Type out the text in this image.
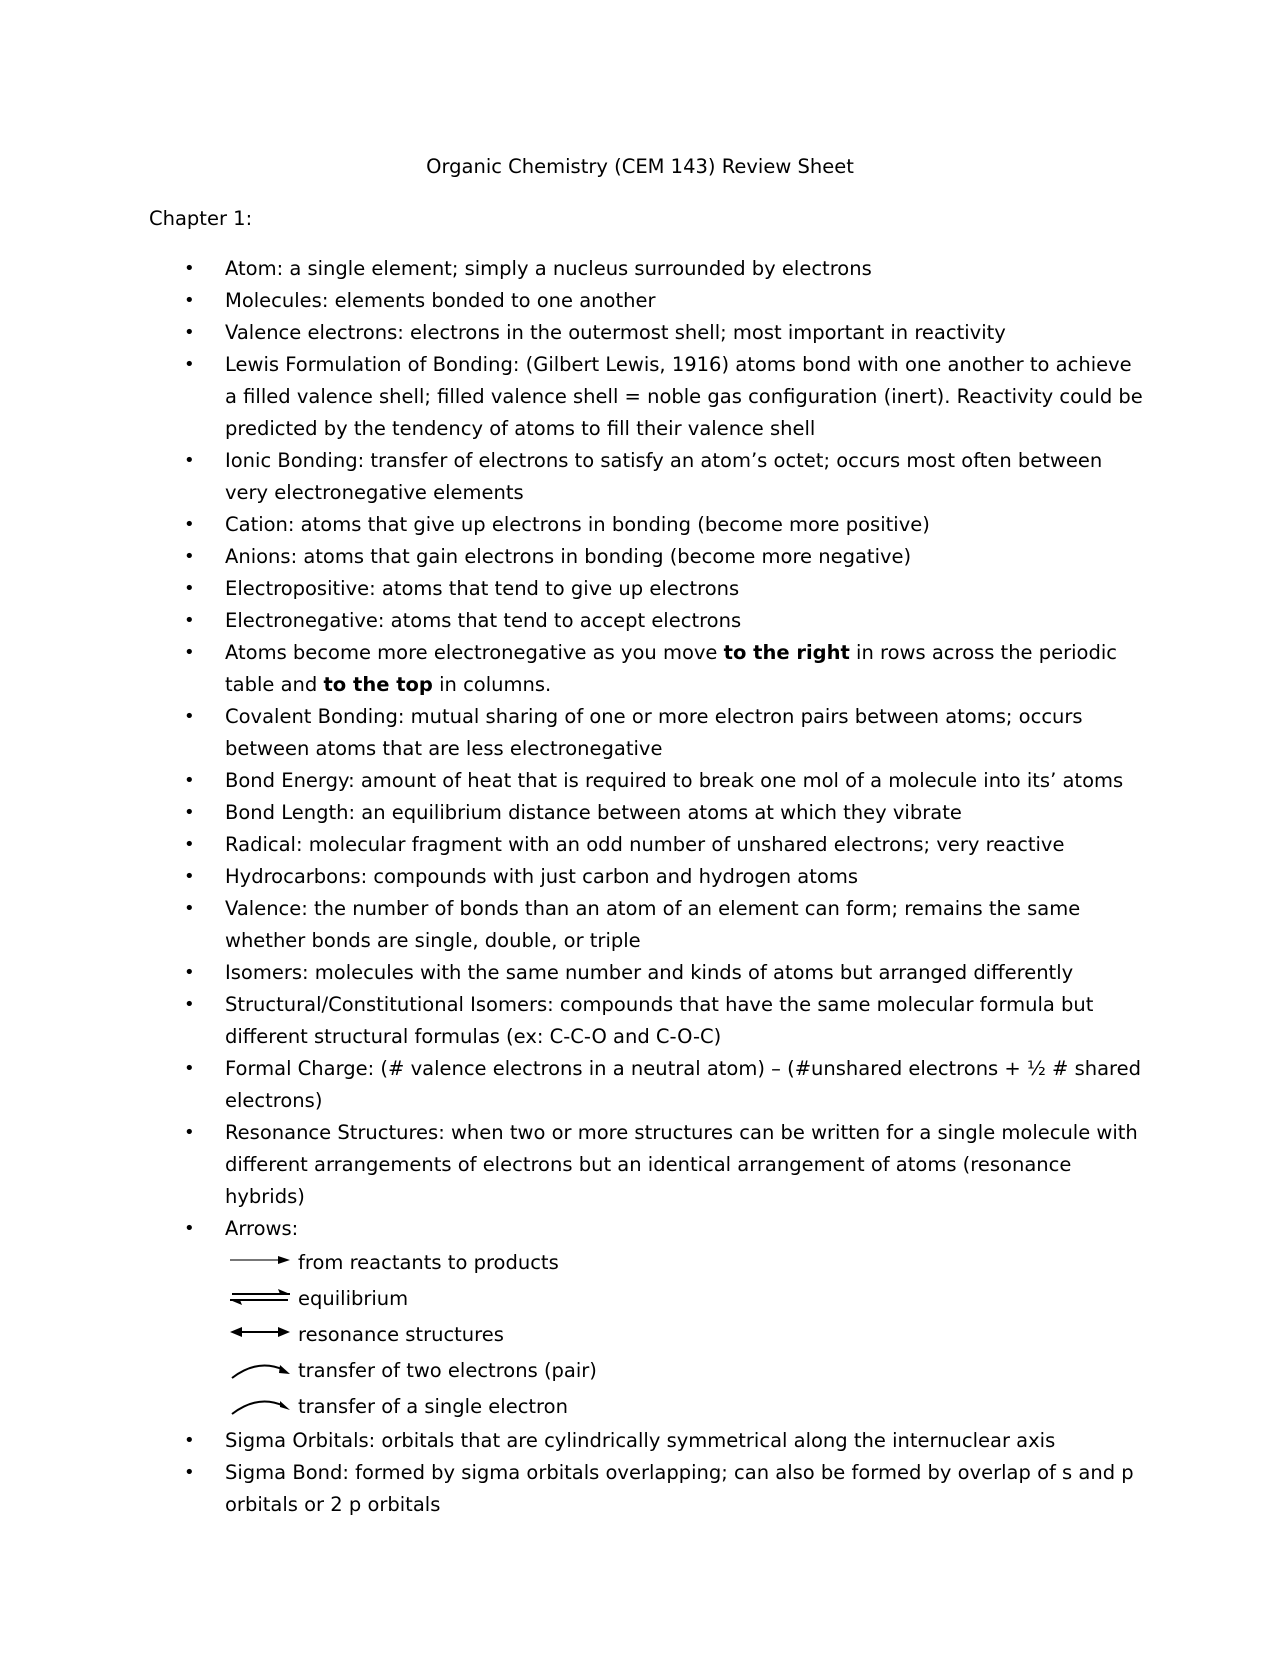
Organic Chemistry (CEM 143) Review Sheet
Chapter 1:
•	Atom: a single element; simply a nucleus surrounded by electrons
•	Molecules: elements bonded to one another
•	Valence electrons: electrons in the outermost shell; most important in reactivity
•	Lewis Formulation of Bonding: (Gilbert Lewis, 1916) atoms bond with one another to achieve a filled valence shell; filled valence shell = noble gas configuration (inert). Reactivity could be predicted by the tendency of atoms to fill their valence shell
•	Ionic Bonding: transfer of electrons to satisfy an atom’s octet; occurs most often between very electronegative elements
•	Cation: atoms that give up electrons in bonding (become more positive)
•	Anions: atoms that gain electrons in bonding (become more negative)
•	Electropositive: atoms that tend to give up electrons
•	Electronegative: atoms that tend to accept electrons
•	Atoms become more electronegative as you move to the right in rows across the periodic table and to the top in columns.
•	Covalent Bonding: mutual sharing of one or more electron pairs between atoms; occurs between atoms that are less electronegative
•	Bond Energy: amount of heat that is required to break one mol of a molecule into its’ atoms
•	Bond Length: an equilibrium distance between atoms at which they vibrate
•	Radical: molecular fragment with an odd number of unshared electrons; very reactive
•	Hydrocarbons: compounds with just carbon and hydrogen atoms
•	Valence: the number of bonds than an atom of an element can form; remains the same whether bonds are single, double, or triple
•	Isomers: molecules with the same number and kinds of atoms but arranged differently
•	Structural/Constitutional Isomers: compounds that have the same molecular formula but different structural formulas (ex: C-C-O and C-O-C)
•	Formal Charge: (# valence electrons in a neutral atom) – (#unshared electrons + ½ # shared electrons)
•	Resonance Structures: when two or more structures can be written for a single molecule with different arrangements of electrons but an identical arrangement of atoms (resonance hybrids)
•	Arrows:
from reactants to products
⇌ equilibrium
resonance structures
transfer of two electrons (pair)
transfer of a single electron
•	Sigma Orbitals: orbitals that are cylindrically symmetrical along the internuclear axis
•	Sigma Bond: formed by sigma orbitals overlapping; can also be formed by overlap of s and p orbitals or 2 p orbitals
